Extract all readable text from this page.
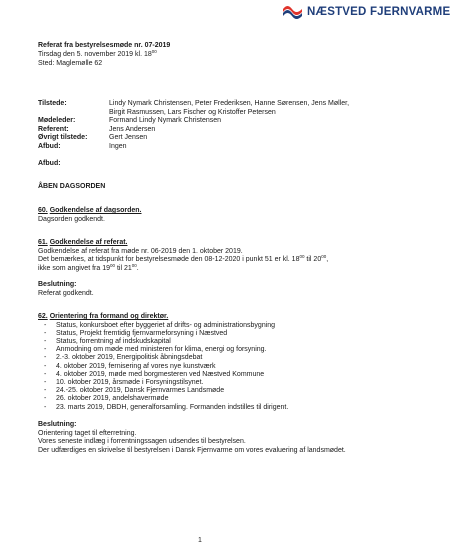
NÆSTVED FJERNVARME
Referat fra bestyrelsesmøde nr. 07-2019
Tirsdag den 5. november 2019 kl. $18^{00}$
Sted: Maglemølle 62
Tilstede:	Lindy Nymark Christensen, Peter Frederiksen, Hanne Sørensen, Jens Møller,
Birgit Rasmussen, Lars Fischer og Kristoffer Petersen
Mødeleder:	Formand Lindy Nymark Christensen
Referent:	Jens Andersen
Øvrigt tilstede:	Gert Jensen
Afbud:	Ingen
Afbud:
ÅBEN DAGSORDEN
60. Godkendelse af dagsorden.
Dagsorden godkendt.
61. Godkendelse af referat.
Godkendelse af referat fra møde nr. 06-2019 den 1. oktober 2019.
Det bemærkes, at tidspunkt for bestyrelsesmøde den 08-12-2020 i punkt 51 er kl. $18^{00}$ til $20^{00}$,
ikke som angivet fra $19^{00}$ til $21^{00}$.
Beslutning:
Referat godkendt.
62. Orientering fra formand og direktør.
- Status, konkursboet efter byggeriet af drifts- og administrationsbygning
- Status, Projekt fremtidig fjernvarmeforsyning i Næstved
- Status, forrentning af indskudskapital
- Anmodning om møde med ministeren for klima, energi og forsyning.
- 2.-3. oktober 2019, Energipolitisk åbningsdebat
- 4. oktober 2019, fernisering af vores nye kunstværk
- 4. oktober 2019, møde med borgmesteren ved Næstved Kommune
- 10. oktober 2019, årsmøde i Forsyningstilsynet.
- 24.-25. oktober 2019, Dansk Fjernvarmes Landsmøde
- 26. oktober 2019, andelshavermøde
- 23. marts 2019, DBDH, generalforsamling. Formanden indstilles til dirigent.
Beslutning:
Orientering taget til efterretning.
Vores seneste indlæg i forrentningssagen udsendes til bestyrelsen.
Der udfærdiges en skrivelse til bestyrelsen i Dansk Fjernvarme om vores evaluering af landsmødet.
1
